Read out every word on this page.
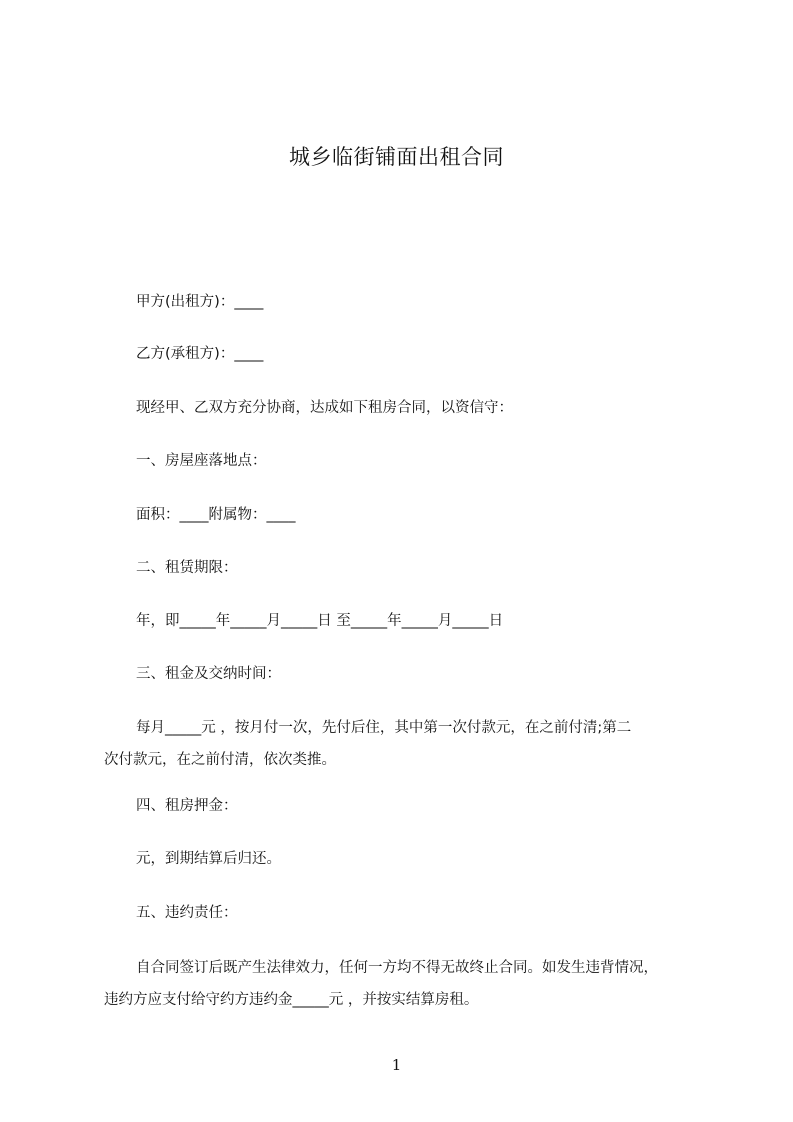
城乡临街铺面出租合同
甲方(出租方)：____
乙方(承租方)：____
现经甲、乙双方充分协商，达成如下租房合同，以资信守：
一、房屋座落地点：
面积：____附属物：____
二、租赁期限：
年，即_____年_____月_____日 至_____年_____月_____日
三、租金及交纳时间：
每月_____元 ，按月付一次，先付后住，其中第一次付款元，在之前付清;第二
次付款元，在之前付清，依次类推。
四、租房押金：
元，到期结算后归还。
五、违约责任：
自合同签订后既产生法律效力，任何一方均不得无故终止合同。如发生违背情况，
违约方应支付给守约方违约金_____元 ，并按实结算房租。
1
